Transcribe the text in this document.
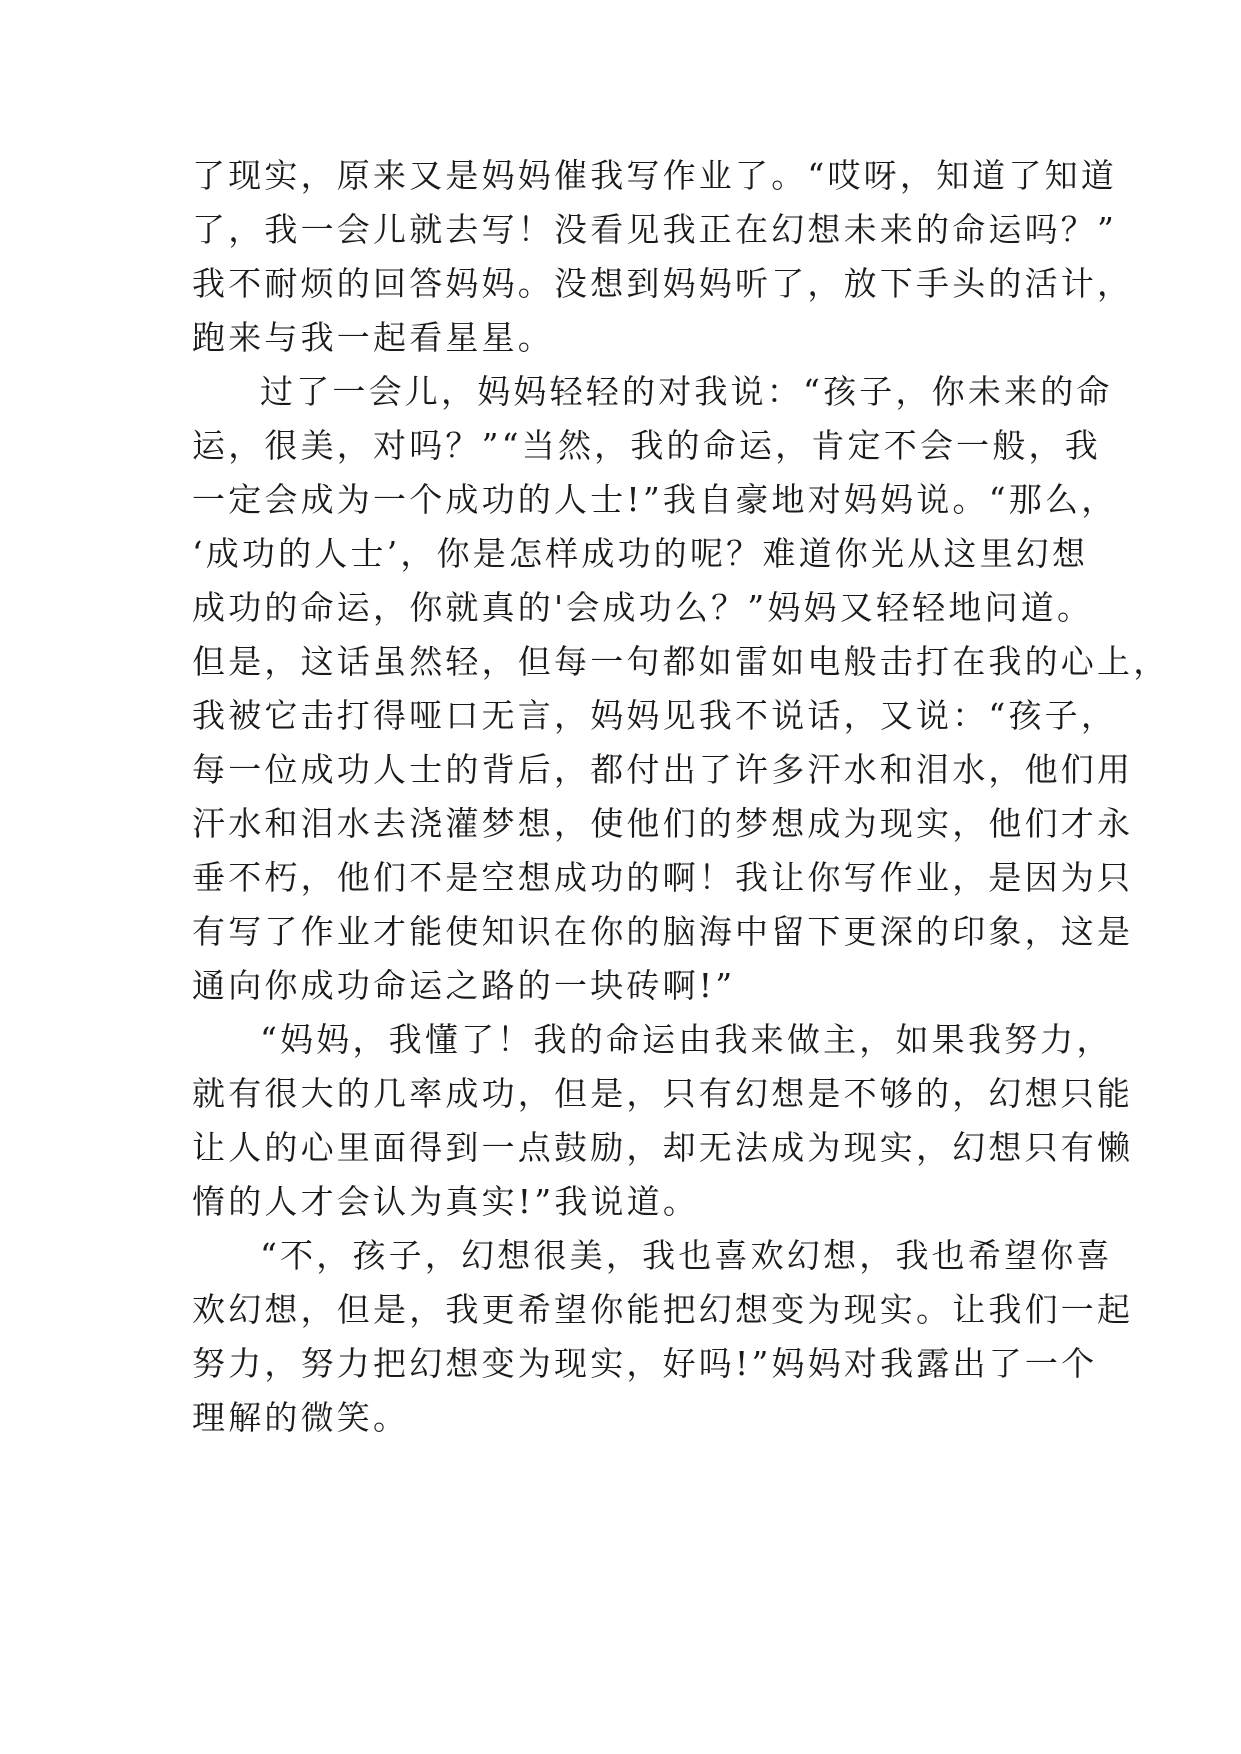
了现实，原来又是妈妈催我写作业了。“哎呀，知道了知道
了，我一会儿就去写！没看见我正在幻想未来的命运吗？”
我不耐烦的回答妈妈。没想到妈妈听了，放下手头的活计，
跑来与我一起看星星。
过了一会儿，妈妈轻轻的对我说：“孩子，你未来的命
运，很美，对吗？”“当然，我的命运，肯定不会一般，我
一定会成为一个成功的人士!”我自豪地对妈妈说。“那么，
‘成功的人士’，你是怎样成功的呢？难道你光从这里幻想
成功的命运，你就真的'会成功么？”妈妈又轻轻地问道。
但是，这话虽然轻，但每一句都如雷如电般击打在我的心上，
我被它击打得哑口无言，妈妈见我不说话，又说：“孩子，
每一位成功人士的背后，都付出了许多汗水和泪水，他们用
汗水和泪水去浇灌梦想，使他们的梦想成为现实，他们才永
垂不朽，他们不是空想成功的啊！我让你写作业，是因为只
有写了作业才能使知识在你的脑海中留下更深的印象，这是
通向你成功命运之路的一块砖啊!”
“妈妈，我懂了！我的命运由我来做主，如果我努力，
就有很大的几率成功，但是，只有幻想是不够的，幻想只能
让人的心里面得到一点鼓励，却无法成为现实，幻想只有懒
惰的人才会认为真实!”我说道。
“不，孩子，幻想很美，我也喜欢幻想，我也希望你喜
欢幻想，但是，我更希望你能把幻想变为现实。让我们一起
努力，努力把幻想变为现实，好吗!”妈妈对我露出了一个
理解的微笑。
